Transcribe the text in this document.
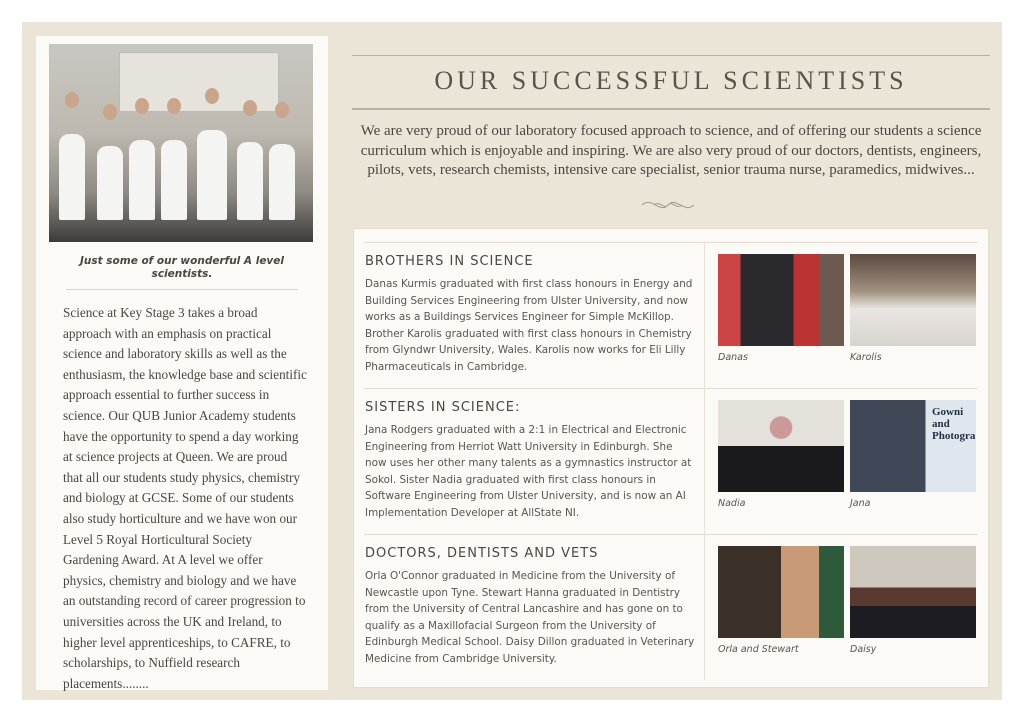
Just some of our wonderful A level scientists.
Science at Key Stage 3 takes a broad approach with an emphasis on practical science and laboratory skills as well as the enthusiasm, the knowledge base and scientific approach essential to further success in science. Our QUB Junior Academy students have the opportunity to spend a day working at science projects at Queen. We are proud that all our students study physics, chemistry and biology at GCSE. Some of our students also study horticulture and we have won our Level 5 Royal Horticultural Society Gardening Award. At A level we offer physics, chemistry and biology and we have an outstanding record of career progression to universities across the UK and Ireland, to higher level apprenticeships, to CAFRE, to scholarships, to Nuffield research placements........
OUR SUCCESSFUL SCIENTISTS
We are very proud of our laboratory focused approach to science, and of offering our students a science curriculum which is enjoyable and inspiring. We are also very proud of our doctors, dentists, engineers, pilots, vets, research chemists, intensive care specialist, senior trauma nurse, paramedics, midwives...
BROTHERS IN SCIENCE

Danas Kurmis graduated with first class honours in Energy and Building Services Engineering from Ulster University, and now works as a Buildings Services Engineer for Simple McKillop. Brother Karolis graduated with first class honours in Chemistry from Glyndwr University, Wales. Karolis now works for Eli Lilly Pharmaceuticals in Cambridge.

Danas	Karolis
SISTERS IN SCIENCE:

Jana Rodgers graduated with a 2:1 in Electrical and Electronic Engineering from Herriot Watt University in Edinburgh. She now uses her other many talents as a gymnastics instructor at Sokol. Sister Nadia graduated with first class honours in Software Engineering from Ulster University, and is now an AI Implementation Developer at AllState NI.

Nadia
Gowni and Photogra
Jana
DOCTORS, DENTISTS AND VETS

Orla O'Connor graduated in Medicine from the University of Newcastle upon Tyne. Stewart Hanna graduated in Dentistry from the University of Central Lancashire and has gone on to qualify as a Maxillofacial Surgeon from the University of Edinburgh Medical School. Daisy Dillon graduated in Veterinary Medicine from Cambridge University.

Orla and Stewart	Daisy
